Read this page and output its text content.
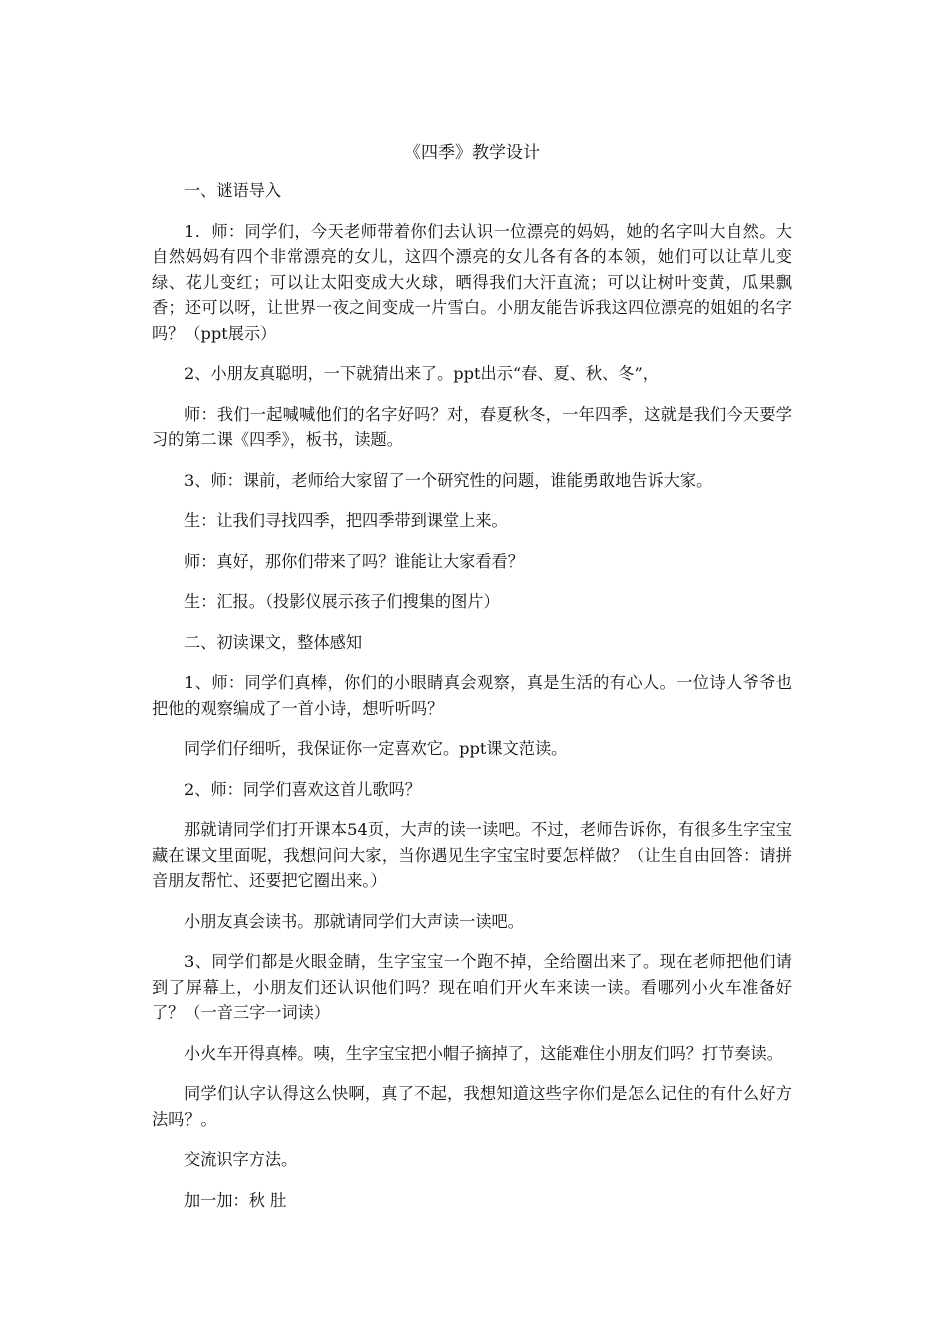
《四季》教学设计

一、谜语导入

1．师：同学们，今天老师带着你们去认识一位漂亮的妈妈，她的名字叫大自然。大自然妈妈有四个非常漂亮的女儿，这四个漂亮的女儿各有各的本领，她们可以让草儿变绿、花儿变红；可以让太阳变成大火球，晒得我们大汗直流；可以让树叶变黄，瓜果飘香；还可以呀，让世界一夜之间变成一片雪白。小朋友能告诉我这四位漂亮的姐姐的名字吗？（ppt展示）

2、小朋友真聪明，一下就猜出来了。ppt出示“春、夏、秋、冬”，

师：我们一起喊喊他们的名字好吗？对，春夏秋冬，一年四季，这就是我们今天要学习的第二课《四季》，板书，读题。

3、师：课前，老师给大家留了一个研究性的问题，谁能勇敢地告诉大家。

生：让我们寻找四季，把四季带到课堂上来。

师：真好，那你们带来了吗？谁能让大家看看？

生：汇报。（投影仪展示孩子们搜集的图片）

二、初读课文，整体感知

1、师：同学们真棒，你们的小眼睛真会观察，真是生活的有心人。一位诗人爷爷也把他的观察编成了一首小诗，想听听吗？

同学们仔细听，我保证你一定喜欢它。ppt课文范读。

2、师：同学们喜欢这首儿歌吗？

那就请同学们打开课本54页，大声的读一读吧。不过，老师告诉你，有很多生字宝宝藏在课文里面呢，我想问问大家，当你遇见生字宝宝时要怎样做？（让生自由回答：请拼音朋友帮忙、还要把它圈出来。）

小朋友真会读书。那就请同学们大声读一读吧。

3、同学们都是火眼金睛，生字宝宝一个跑不掉，全给圈出来了。现在老师把他们请到了屏幕上，小朋友们还认识他们吗？现在咱们开火车来读一读。看哪列小火车准备好了？（一音三字一词读）

小火车开得真棒。咦，生字宝宝把小帽子摘掉了，这能难住小朋友们吗？打节奏读。

同学们认字认得这么快啊，真了不起，我想知道这些字你们是怎么记住的有什么好方法吗？。

交流识字方法。

加一加：秋 肚
